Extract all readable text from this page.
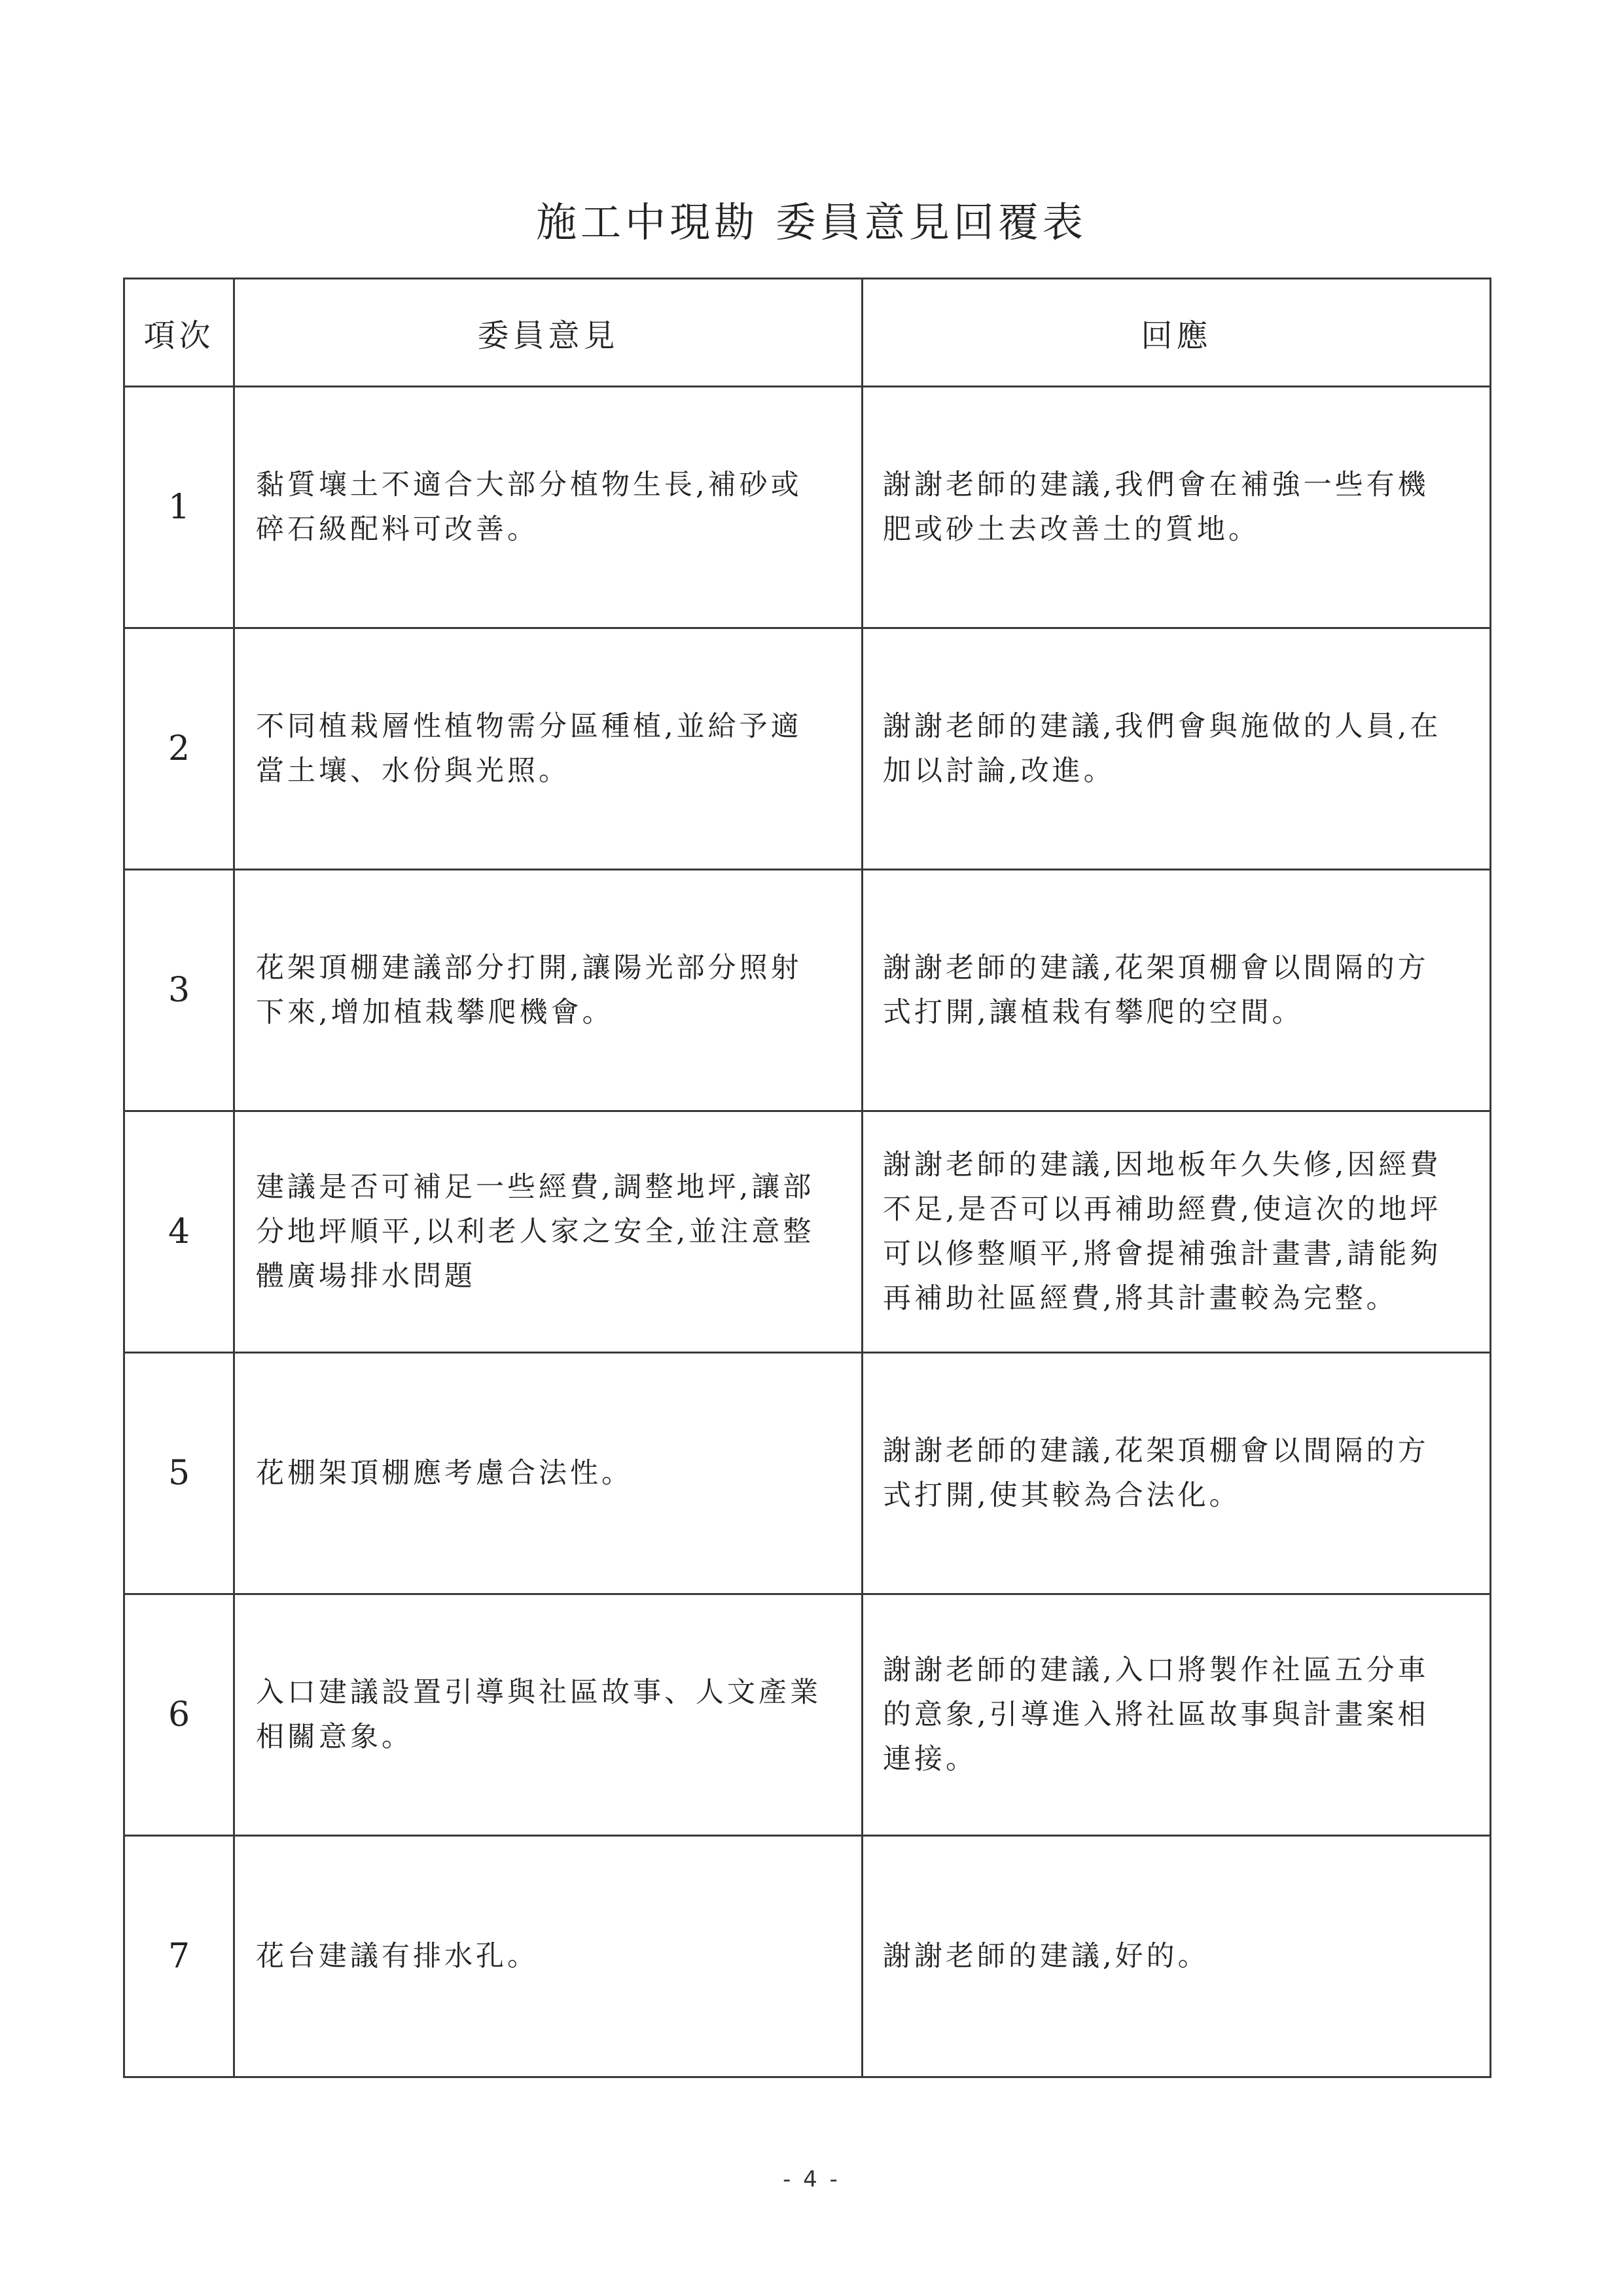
施工中現勘 委員意見回覆表
項次	委員意見	回應
1	黏質壤土不適合大部分植物生長,補砂或碎石級配料可改善。	謝謝老師的建議,我們會在補強一些有機肥或砂土去改善土的質地。
2	不同植栽層性植物需分區種植,並給予適當土壤、水份與光照。	謝謝老師的建議,我們會與施做的人員,在加以討論,改進。
3	花架頂棚建議部分打開,讓陽光部分照射下來,增加植栽攀爬機會。	謝謝老師的建議,花架頂棚會以間隔的方式打開,讓植栽有攀爬的空間。
4	建議是否可補足一些經費,調整地坪,讓部分地坪順平,以利老人家之安全,並注意整體廣場排水問題	謝謝老師的建議,因地板年久失修,因經費不足,是否可以再補助經費,使這次的地坪可以修整順平,將會提補強計畫書,請能夠再補助社區經費,將其計畫較為完整。
5	花棚架頂棚應考慮合法性。	謝謝老師的建議,花架頂棚會以間隔的方式打開,使其較為合法化。
6	入口建議設置引導與社區故事、人文產業相關意象。	謝謝老師的建議,入口將製作社區五分車的意象,引導進入將社區故事與計畫案相連接。
7	花台建議有排水孔。	謝謝老師的建議,好的。
- 4 -
